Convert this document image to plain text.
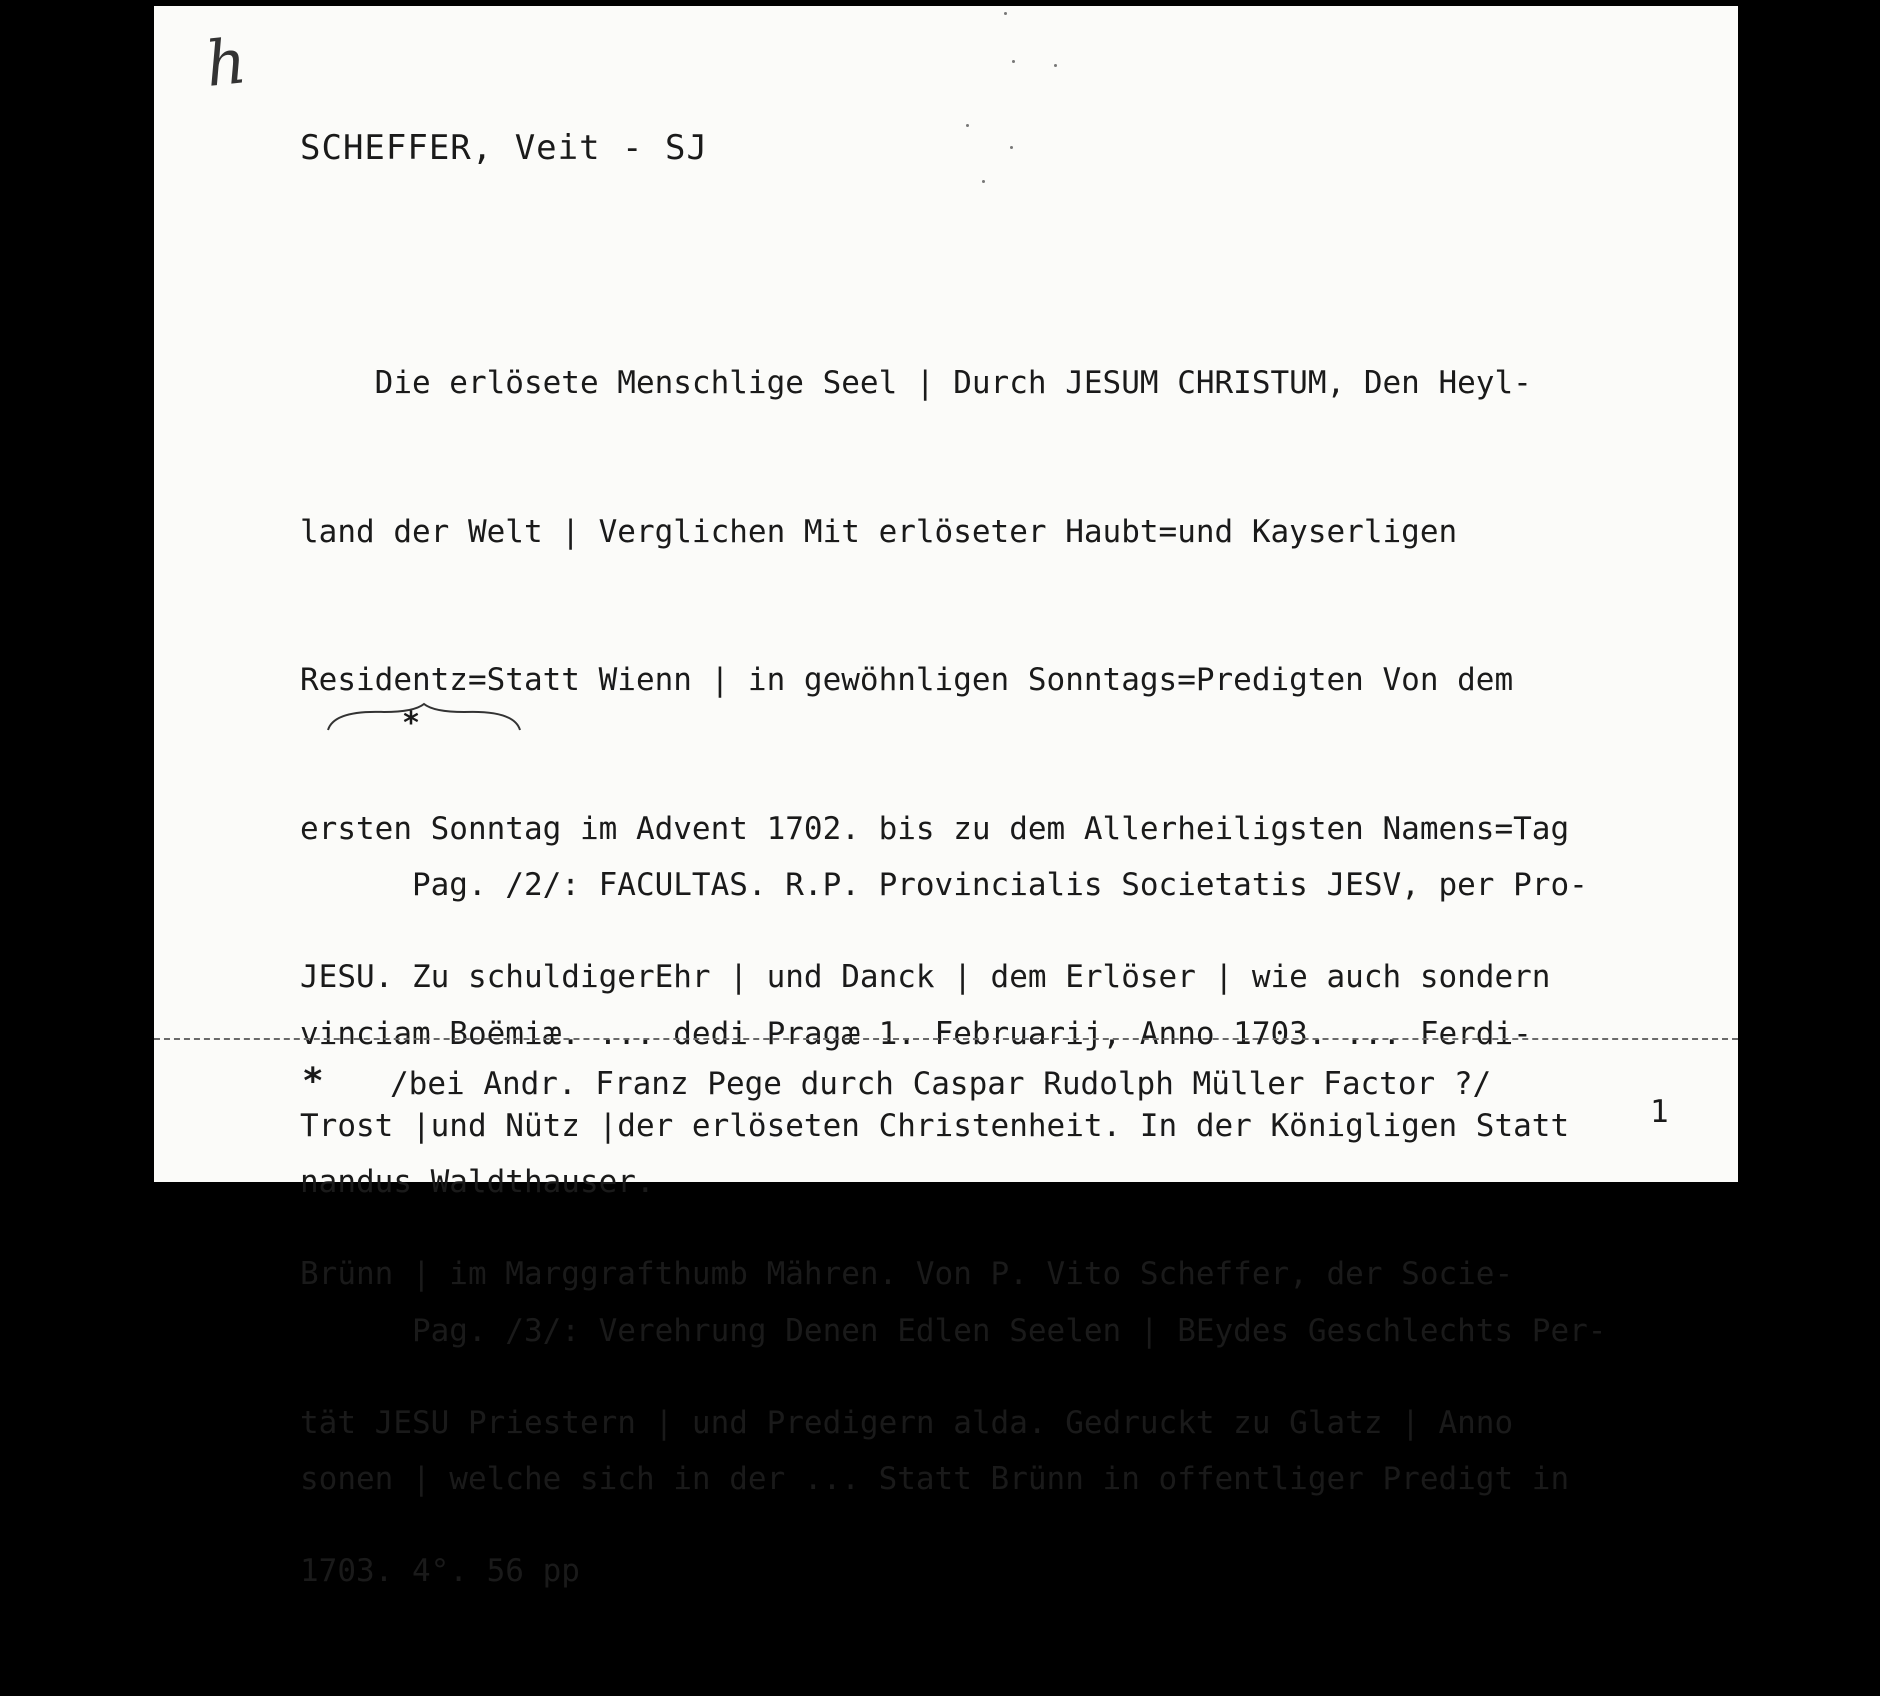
h
SCHEFFER, Veit - SJ

Die erlösete Menschlige Seel | Durch JESUM CHRISTUM, Den Heyl-

land der Welt | Verglichen Mit erlöseter Haubt=und Kayserligen

Residentz=Statt Wienn | in gewöhnligen Sonntags=Predigten Von dem

ersten Sonntag im Advent 1702. bis zu dem Allerheiligsten Namens=Tag

JESU. Zu schuldigerEhr | und Danck | dem Erlöser | wie auch sondern

Trost |und Nütz |der erlöseten Christenheit. In der Königligen Statt

Brünn | im Marggrafthumb Mähren. Von P. Vito Scheffer, der Socie-

tät JESU Priestern | und Predigern alda. Gedruckt zu Glatz | Anno

1703. 4°. 56 pp

*

Pag. /2/: FACULTAS. R.P. Provincialis Societatis JESV, per Pro-

vinciam Boëmiæ. ... dedi Pragæ 1. Februarij, Anno 1703. ... Ferdi-

nandus Waldthauser.

Pag. /3/: Verehrung Denen Edlen Seelen | BEydes Geschlechts Per-

sonen | welche sich in der ... Statt Brünn in offentliger Predigt in

* /bei Andr. Franz Pege durch Caspar Rudolph Müller Factor ?/
1
